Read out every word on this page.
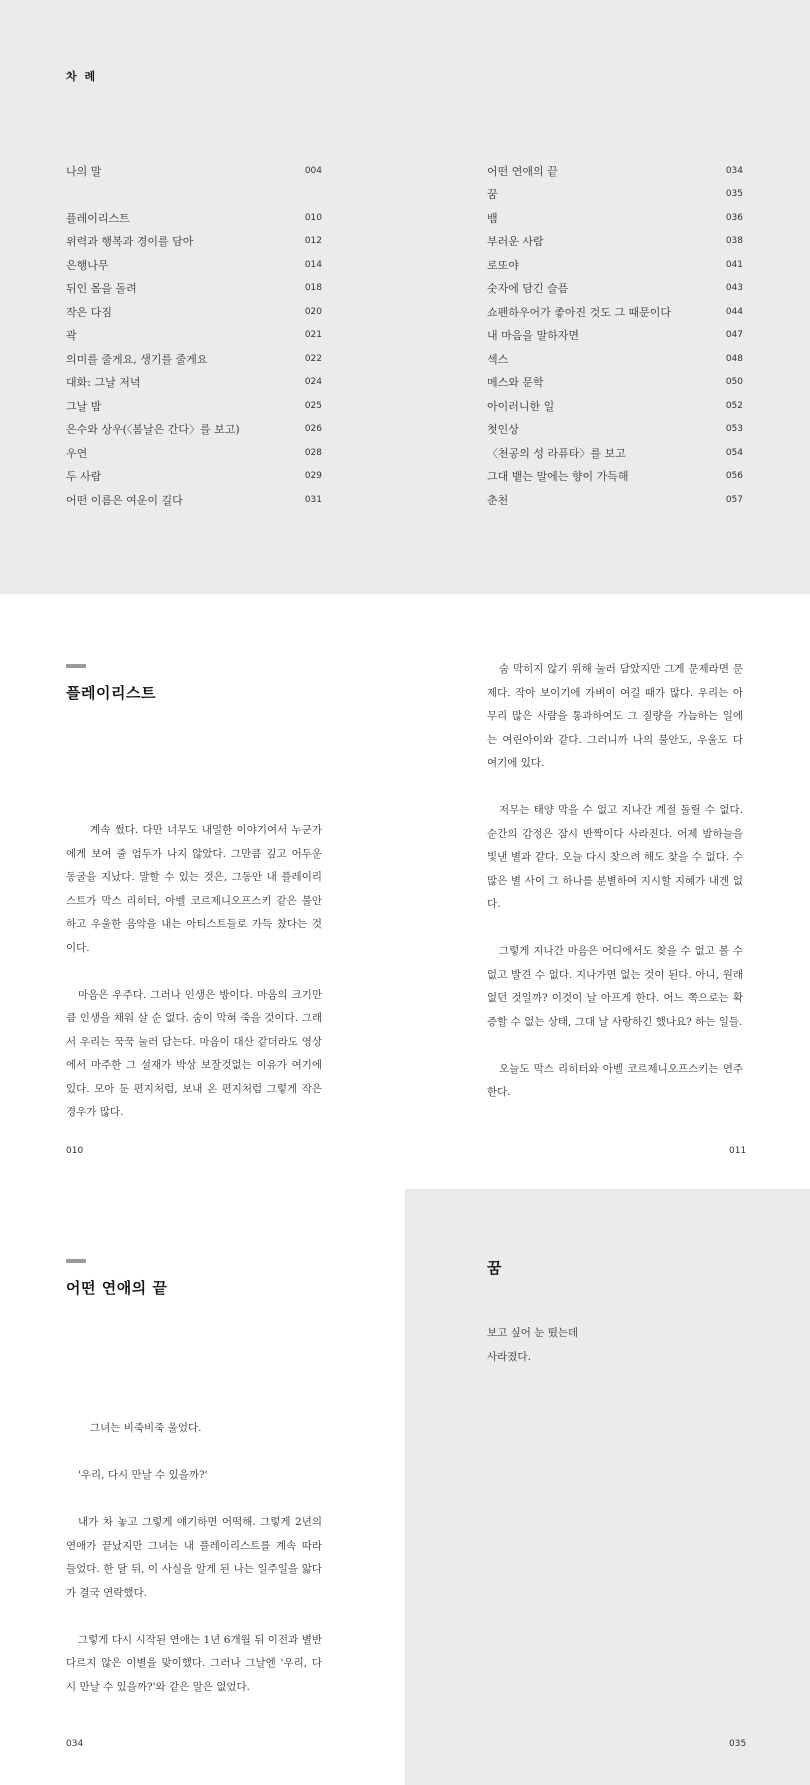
차 례
나의 말	004
플레이리스트	010
위력과 행복과 경이를 담아	012
은행나무	014
뒤인 몸을 돌려	018
작은 다짐	020
곽	021
의미를 줄게요, 생기를 줄게요	022
대화: 그날 저녁	024
그날 밤	025
은수와 상우(〈봄날은 간다〉를 보고)	026
우연	028
두 사람	029
어떤 이름은 여운이 길다	031
어떤 연애의 끝	034
꿈	035
뱀	036
부러운 사람	038
로또야	041
숫자에 담긴 슬픔	043
쇼펜하우어가 좋아진 것도 그 때문이다	044
내 마음을 말하자면	047
섹스	048
메스와 문학	050
아이러니한 일	052
첫인상	053
〈천공의 성 라퓨타〉를 보고	054
그대 뱉는 말에는 향이 가득해	056
춘천	057
플레이리스트

계속 썼다. 다만 너무도 내밀한 이야기여서 누군가에게 보여 줄 엄두가 나지 않았다. 그만큼 깊고 어두운 동굴을 지났다. 말할 수 있는 것은, 그동안 내 플레이리스트가 막스 리히터, 아벨 코르제니오프스키 같은 불안하고 우울한 음악을 내는 아티스트들로 가득 찼다는 것이다.

마음은 우주다. 그러나 인생은 방이다. 마음의 크기만큼 인생을 채워 살 순 없다. 숨이 막혀 죽을 것이다. 그래서 우리는 꾹꾹 눌러 담는다. 마음이 대산 같더라도 영상에서 마주한 그 설재가 박상 보잘것없는 이유가 여기에 있다. 모아 둔 편지처럼, 보내 온 편지처럼 그렇게 작은 경우가 많다.

010

숨 막히지 않기 위해 눌러 담았지만 그게 문제라면 문제다. 작아 보이기에 가벼이 여길 때가 많다. 우리는 아무리 많은 사람을 통과하여도 그 질량을 가늠하는 일에는 여린아이와 같다. 그러니까 나의 불안도, 우울도 다 여기에 있다.

저무는 태양 막을 수 없고 지나간 계절 돌릴 수 없다. 순간의 감정은 잠시 반짝이다 사라진다. 어제 밤하늘을 빛낸 별과 같다. 오늘 다시 찾으려 해도 찾을 수 없다. 수많은 별 사이 그 하나를 분별하여 지시할 지혜가 내겐 없다.

그렇게 지나간 마음은 어디에서도 찾을 수 없고 볼 수 없고 발견 수 없다. 지나가면 없는 것이 된다. 아니, 원래 없던 것일까? 이것이 날 아프게 한다. 어느 쪽으로는 확증할 수 없는 상태, 그대 날 사랑하긴 했나요? 하는 일들.

오늘도 막스 리히터와 아벨 코르제니오프스키는 연주한다.

011

어떤 연애의 끝

그녀는 비죽비죽 울었다.

'우리, 다시 만날 수 있을까?'

내가 차 놓고 그렇게 얘기하면 어떡해. 그렇게 2년의 연애가 끝났지만 그녀는 내 플레이리스트를 계속 따라 들었다. 한 달 뒤, 이 사실을 알게 된 나는 일주일을 앓다가 결국 연락했다.

그렇게 다시 시작된 연애는 1년 6개월 뒤 이전과 별반 다르지 않은 이별을 맞이했다. 그러나 그날엔 '우리, 다시 만날 수 있을까?'와 같은 말은 없었다.

034

꿈

보고 싶어 눈 떴는데
사라졌다.

035
